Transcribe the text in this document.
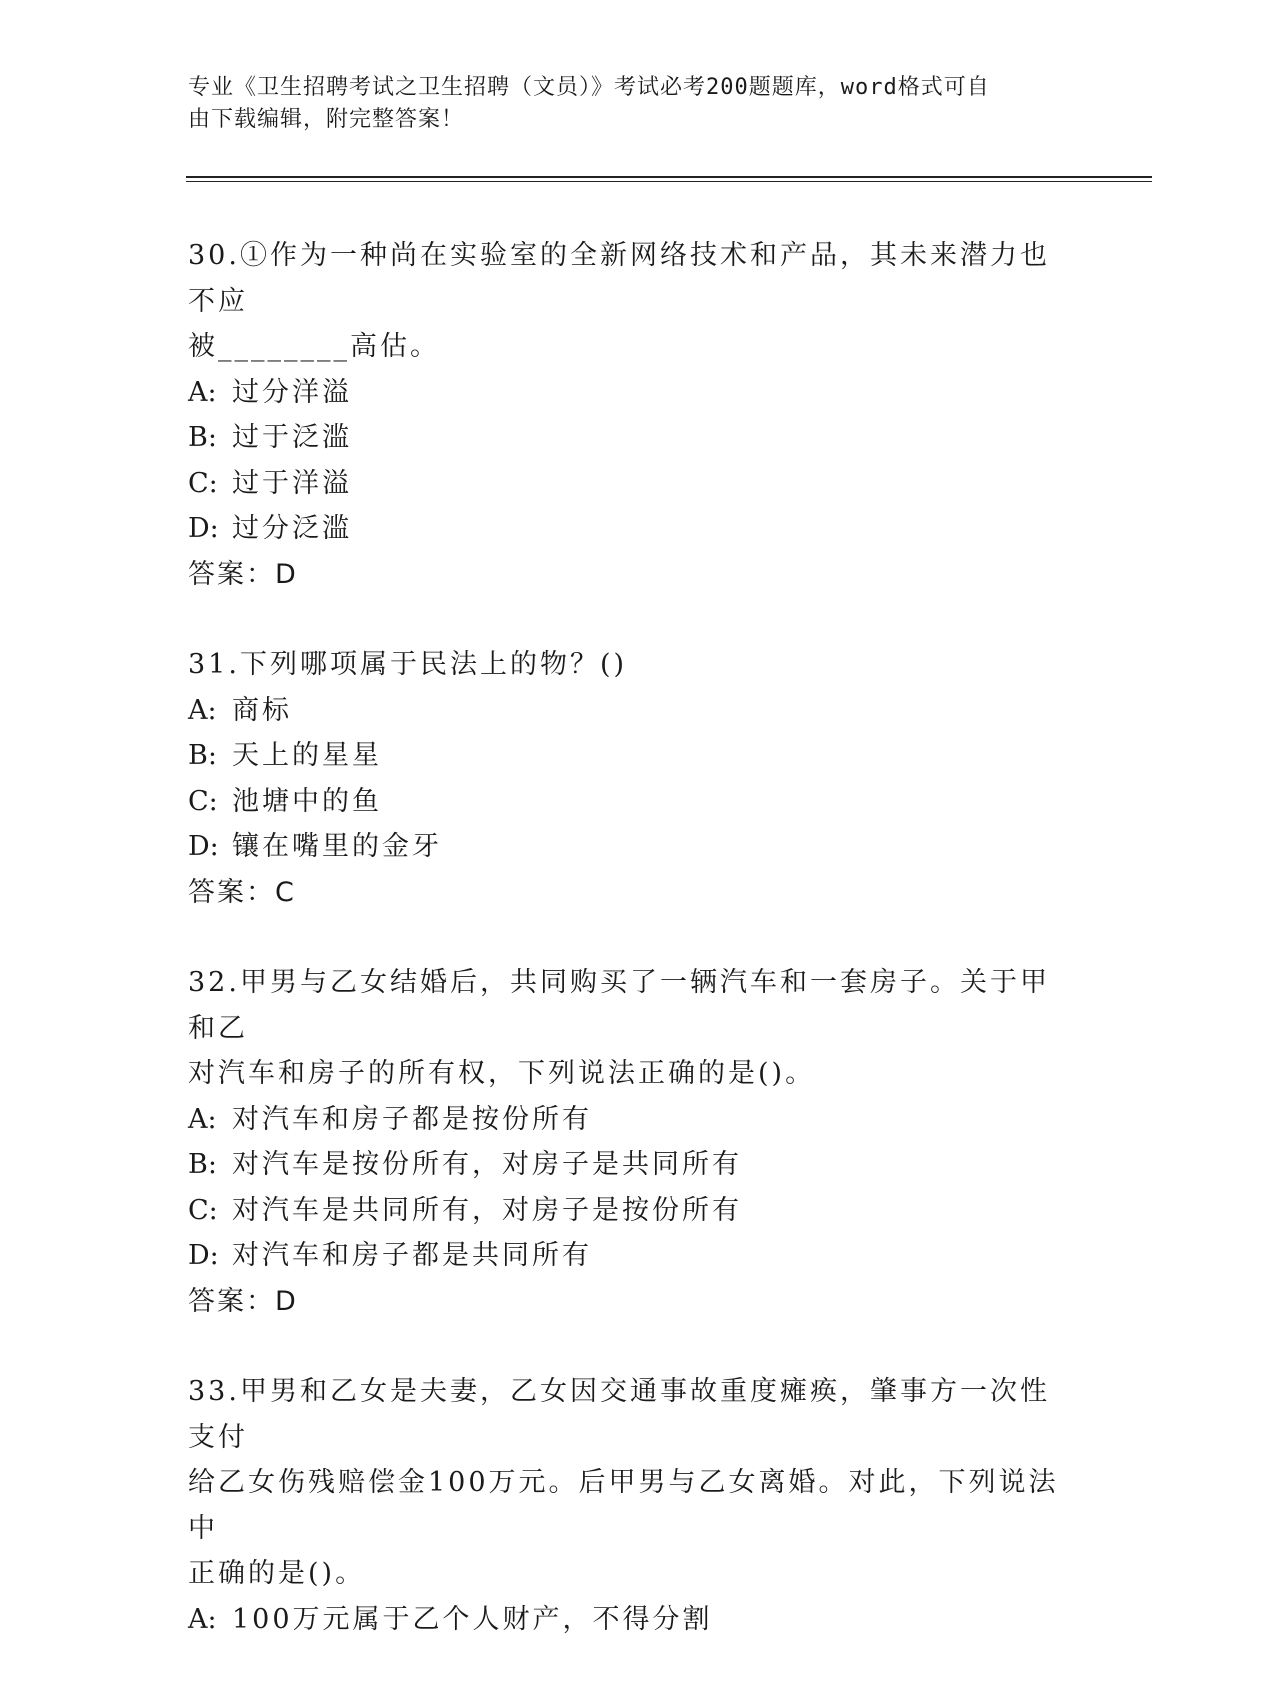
专业《卫生招聘考试之卫生招聘（文员）》考试必考200题题库，word格式可自
由下载编辑，附完整答案！
30.①作为一种尚在实验室的全新网络技术和产品，其未来潜力也不应
被________高估。
A: 过分洋溢
B: 过于泛滥
C: 过于洋溢
D: 过分泛滥
答案：D
31.下列哪项属于民法上的物？()
A: 商标
B: 天上的星星
C: 池塘中的鱼
D: 镶在嘴里的金牙
答案：C
32.甲男与乙女结婚后，共同购买了一辆汽车和一套房子。关于甲和乙
对汽车和房子的所有权，下列说法正确的是()。
A: 对汽车和房子都是按份所有
B: 对汽车是按份所有，对房子是共同所有
C: 对汽车是共同所有，对房子是按份所有
D: 对汽车和房子都是共同所有
答案：D
33.甲男和乙女是夫妻，乙女因交通事故重度瘫痪，肇事方一次性支付
给乙女伤残赔偿金100万元。后甲男与乙女离婚。对此，下列说法中
正确的是()。
A: 100万元属于乙个人财产，不得分割
